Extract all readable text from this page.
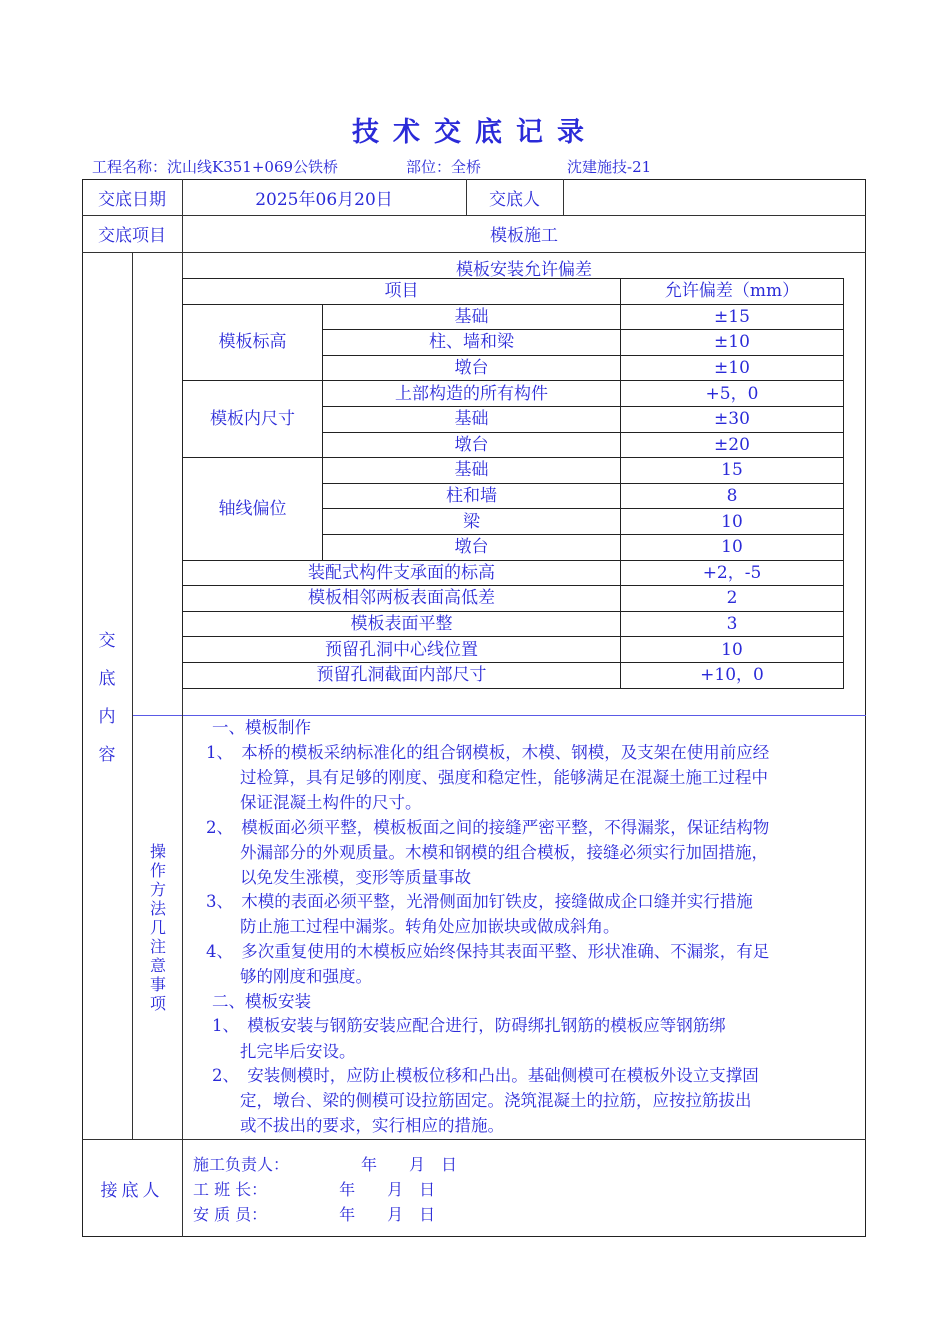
技术交底记录
工程名称：沈山线K351+069公铁桥	部位：全桥	沈建施技-21
交底日期	2025年06月20日	交底人
交底项目	模板施工
交
底
内
容
操
作
方
法
几
注
意
事
项
模板安装允许偏差
项目		允许偏差（mm）
模板标高	基础	±15
	柱、墙和梁	±10
	墩台	±10
模板内尺寸	上部构造的所有构件	+5，0
	基础	±30
	墩台	±20
轴线偏位	基础	15
	柱和墙	8
	梁	10
	墩台	10
装配式构件支承面的标高		+2，-5
模板相邻两板表面高低差		2
模板表面平整		3
预留孔洞中心线位置		10
预留孔洞截面内部尺寸		+10，0
一、模板制作
1、　本桥的模板采纳标准化的组合钢模板，木模、钢模，及支架在使用前应经
过检算，具有足够的刚度、强度和稳定性，能够满足在混凝土施工过程中
保证混凝土构件的尺寸。
2、　模板面必须平整，模板板面之间的接缝严密平整，不得漏浆，保证结构物
外漏部分的外观质量。木模和钢模的组合模板，接缝必须实行加固措施，
以免发生涨模，变形等质量事故
3、　木模的表面必须平整，光滑侧面加钉铁皮，接缝做成企口缝并实行措施
防止施工过程中漏浆。转角处应加嵌块或做成斜角。
4、　多次重复使用的木模板应始终保持其表面平整、形状准确、不漏浆，有足
够的刚度和强度。
二、模板安装
1、　模板安装与钢筋安装应配合进行，防碍绑扎钢筋的模板应等钢筋绑
扎完毕后安设。
2、　安装侧模时，应防止模板位移和凸出。基础侧模可在模板外设立支撑固
定，墩台、梁的侧模可设拉筋固定。浇筑混凝土的拉筋，应按拉筋拔出
或不拔出的要求，实行相应的措施。
接底人
施工负责人：　　　　　年　　月　日
工 班 长：　　　　　年　　月　日
安 质 员：　　　　　年　　月　日
